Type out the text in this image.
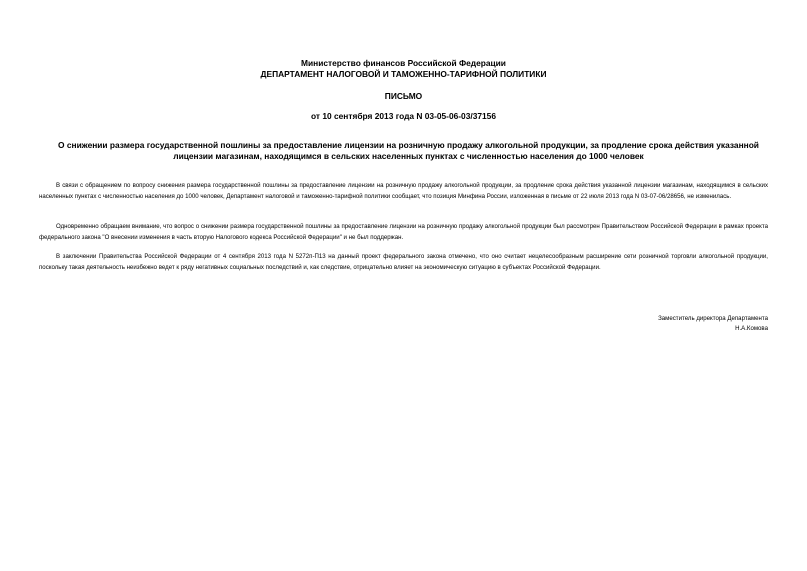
Министерство финансов Российской Федерации
ДЕПАРТАМЕНТ НАЛОГОВОЙ И ТАМОЖЕННО-ТАРИФНОЙ ПОЛИТИКИ
ПИСЬМО
от 10 сентября 2013 года N 03-05-06-03/37156
О снижении размера государственной пошлины за предоставление лицензии на розничную продажу алкогольной продукции, за продление срока действия указанной лицензии магазинам, находящимся в сельских населенных пунктах с численностью населения до 1000 человек

В связи с обращением по вопросу снижения размера государственной пошлины за предоставление лицензии на розничную продажу алкогольной продукции, за продление срока действия указанной лицензии магазинам, находящимся в сельских населенных пунктах с численностью населения до 1000 человек, Департамент налоговой и таможенно-тарифной политики сообщает, что позиция Минфина России, изложенная в письме от 22 июля 2013 года N 03-07-06/28656, не изменилась.

Одновременно обращаем внимание, что вопрос о снижении размера государственной пошлины за предоставление лицензии на розничную продажу алкогольной продукции был рассмотрен Правительством Российской Федерации в рамках проекта федерального закона "О внесении изменения в часть вторую Налогового кодекса Российской Федерации" и не был поддержан.

В заключении Правительства Российской Федерации от 4 сентября 2013 года N 5272п-П13 на данный проект федерального закона отмечено, что оно считает нецелесообразным расширение сети розничной торговли алкогольной продукции, поскольку такая деятельность неизбежно ведет к ряду негативных социальных последствий и, как следствие, отрицательно влияет на экономическую ситуацию в субъектах Российской Федерации.

Заместитель директора Департамента
Н.А.Комова
